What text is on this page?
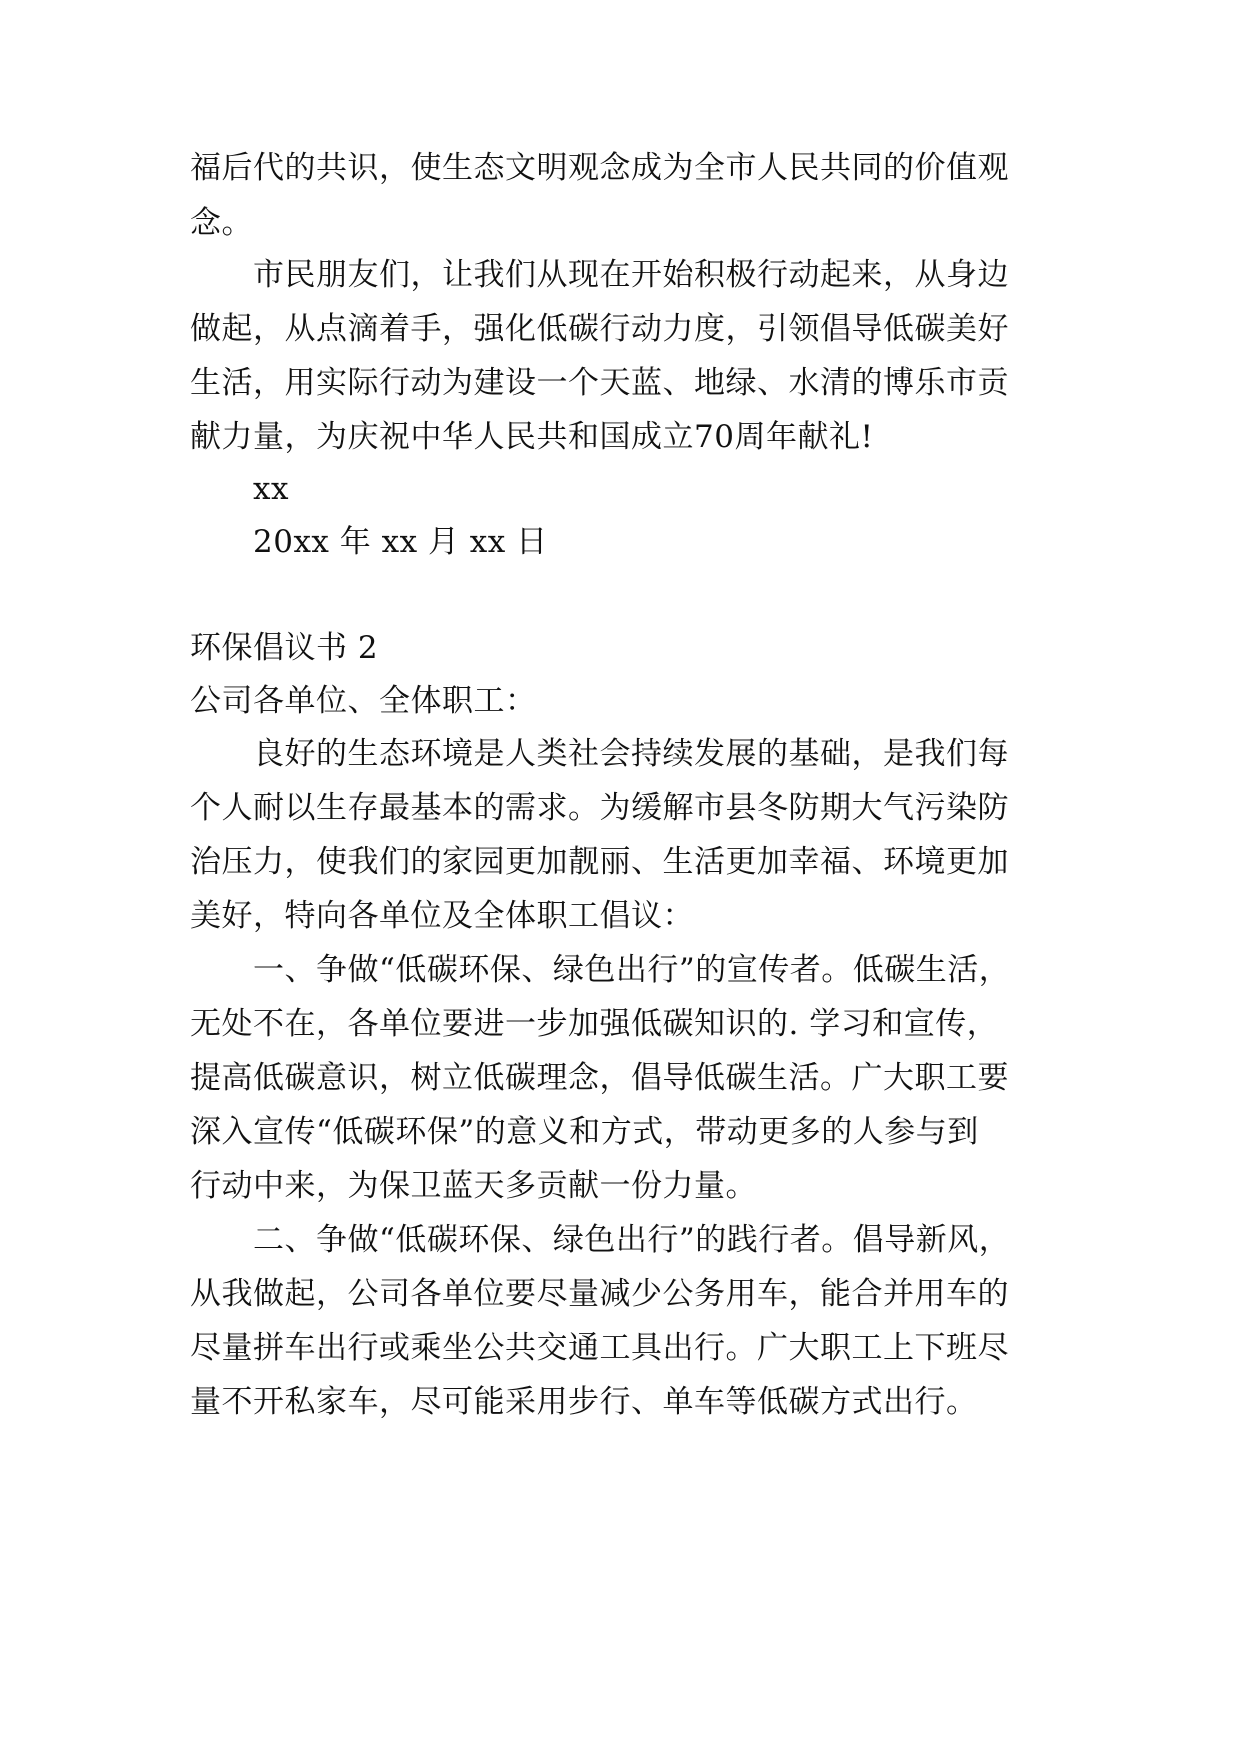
福后代的共识，使生态文明观念成为全市人民共同的价值观
念。
市民朋友们，让我们从现在开始积极行动起来，从身边
做起，从点滴着手，强化低碳行动力度，引领倡导低碳美好
生活，用实际行动为建设一个天蓝、地绿、水清的博乐市贡
献力量，为庆祝中华人民共和国成立70周年献礼!
xx
20xx 年 xx 月 xx 日
环保倡议书 2
公司各单位、全体职工：
良好的生态环境是人类社会持续发展的基础，是我们每
个人耐以生存最基本的需求。为缓解市县冬防期大气污染防
治压力，使我们的家园更加靓丽、生活更加幸福、环境更加
美好，特向各单位及全体职工倡议：
一、争做“低碳环保、绿色出行”的宣传者。低碳生活，
无处不在，各单位要进一步加强低碳知识的. 学习和宣传，
提高低碳意识，树立低碳理念，倡导低碳生活。广大职工要
深入宣传“低碳环保”的意义和方式，带动更多的人参与到
行动中来，为保卫蓝天多贡献一份力量。
二、争做“低碳环保、绿色出行”的践行者。倡导新风，
从我做起，公司各单位要尽量减少公务用车，能合并用车的
尽量拼车出行或乘坐公共交通工具出行。广大职工上下班尽
量不开私家车，尽可能采用步行、单车等低碳方式出行。
